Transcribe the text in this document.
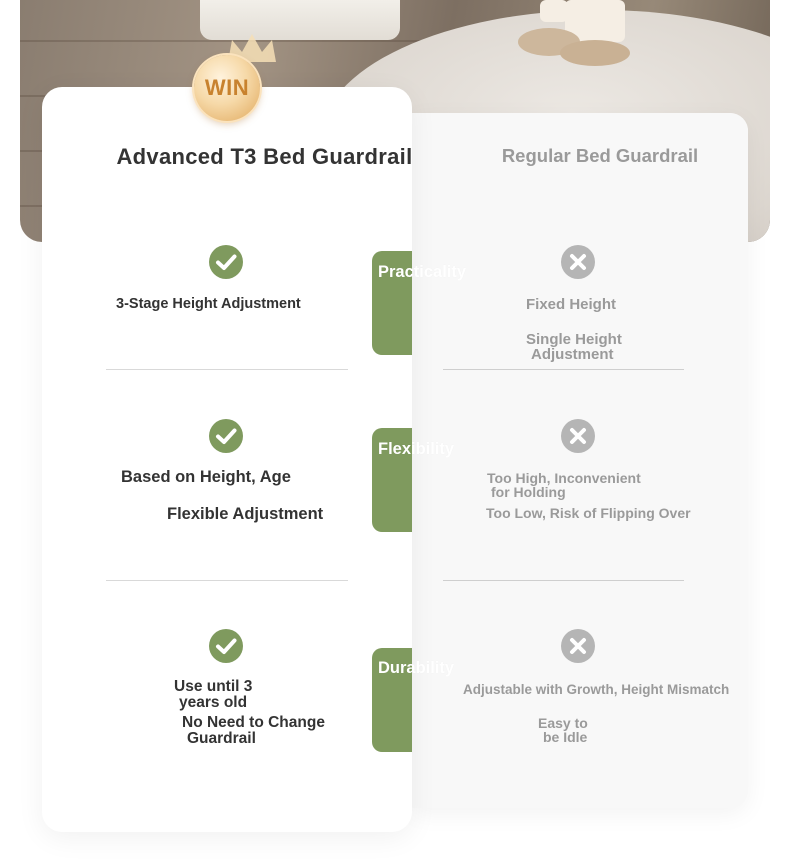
WIN
Advanced T3 Bed Guardrail	Regular Bed Guardrail
Practicality
3-Stage Height Adjustment	Fixed Height
Single Height
Adjustment
Flexibility
Based on Height, Age
Flexible Adjustment
Too High, Inconvenient
for Holding
Too Low, Risk of Flipping Over
Durability
Use until 3
years old
No Need to Change
Guardrail
Adjustable with Growth, Height Mismatch
Easy to
be Idle
